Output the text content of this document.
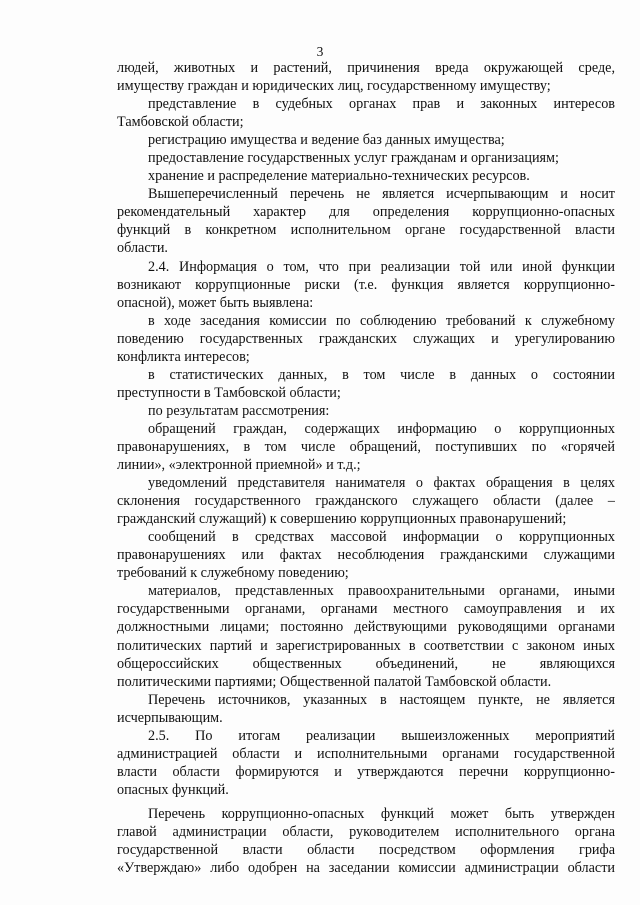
3
людей, животных и растений, причинения вреда окружающей среде,
имуществу граждан и юридических лиц, государственному имуществу;
представление в судебных органах прав и законных интересов
Тамбовской области;
регистрацию имущества и ведение баз данных имущества;
предоставление государственных услуг гражданам и организациям;
хранение и распределение материально-технических ресурсов.
Вышеперечисленный перечень не является исчерпывающим и носит
рекомендательный характер для определения коррупционно-опасных
функций в конкретном исполнительном органе государственной власти
области.
2.4. Информация о том, что при реализации той или иной функции
возникают коррупционные риски (т.е. функция является коррупционно-
опасной), может быть выявлена:
в ходе заседания комиссии по соблюдению требований к служебному
поведению государственных гражданских служащих и урегулированию
конфликта интересов;
в статистических данных, в том числе в данных о состоянии
преступности в Тамбовской области;
по результатам рассмотрения:
обращений граждан, содержащих информацию о коррупционных
правонарушениях, в том числе обращений, поступивших по «горячей
линии», «электронной приемной» и т.д.;
уведомлений представителя нанимателя о фактах обращения в целях
склонения государственного гражданского служащего области (далее –
гражданский служащий) к совершению коррупционных правонарушений;
сообщений в средствах массовой информации о коррупционных
правонарушениях или фактах несоблюдения гражданскими служащими
требований к служебному поведению;
материалов, представленных правоохранительными органами, иными
государственными органами, органами местного самоуправления и их
должностными лицами; постоянно действующими руководящими органами
политических партий и зарегистрированных в соответствии с законом иных
общероссийских общественных объединений, не являющихся
политическими партиями; Общественной палатой Тамбовской области.
Перечень источников, указанных в настоящем пункте, не является
исчерпывающим.
2.5. По итогам реализации вышеизложенных мероприятий
администрацией области и исполнительными органами государственной
власти области формируются и утверждаются перечни коррупционно-
опасных функций.
Перечень коррупционно-опасных функций может быть утвержден
главой администрации области, руководителем исполнительного органа
государственной власти области посредством оформления грифа
«Утверждаю» либо одобрен на заседании комиссии администрации области
